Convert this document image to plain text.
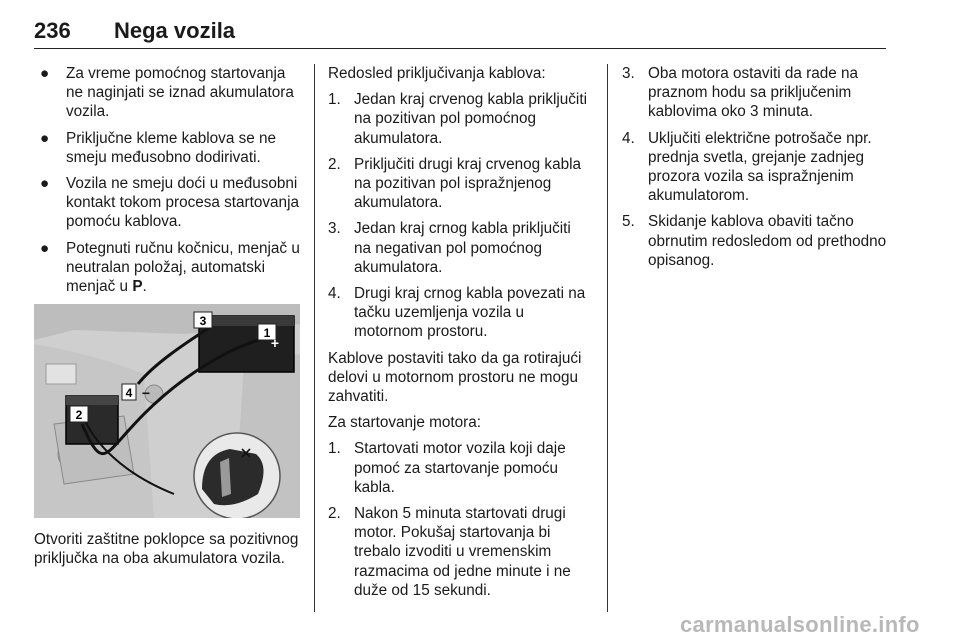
236 Nega vozila
● Za vreme pomoćnog startovanja ne naginjati se iznad akumulatora vozila.
● Priključne kleme kablova se ne smeju međusobno dodirivati.
● Vozila ne smeju doći u međusobni kontakt tokom procesa startovanja pomoću kablova.
● Potegnuti ručnu kočnicu, menjač u neutralan položaj, automatski menjač u P.
1
3
2
4
+
−

Otvoriti zaštitne poklopce sa pozitivnog priključka na oba akumulatora vozila.

Redosled priključivanja kablova:

1. Jedan kraj crvenog kabla priključiti na pozitivan pol pomoćnog akumulatora.
2. Priključiti drugi kraj crvenog kabla na pozitivan pol ispražnjenog akumulatora.
3. Jedan kraj crnog kabla priključiti na negativan pol pomoćnog akumulatora.
4. Drugi kraj crnog kabla povezati na tačku uzemljenja vozila u motornom prostoru.

Kablove postaviti tako da ga rotirajući delovi u motornom prostoru ne mogu zahvatiti.

Za startovanje motora:

1. Startovati motor vozila koji daje pomoć za startovanje pomoću kabla.
2. Nakon 5 minuta startovati drugi motor. Pokušaj startovanja bi trebalo izvoditi u vremenskim razmacima od jedne minute i ne duže od 15 sekundi.
3. Oba motora ostaviti da rade na praznom hodu sa priključenim kablovima oko 3 minuta.
4. Uključiti električne potrošače npr. prednja svetla, grejanje zadnjeg prozora vozila sa ispražnjenim akumulatorom.
5. Skidanje kablova obaviti tačno obrnutim redosledom od prethodno opisanog.
carmanualsonline.info
